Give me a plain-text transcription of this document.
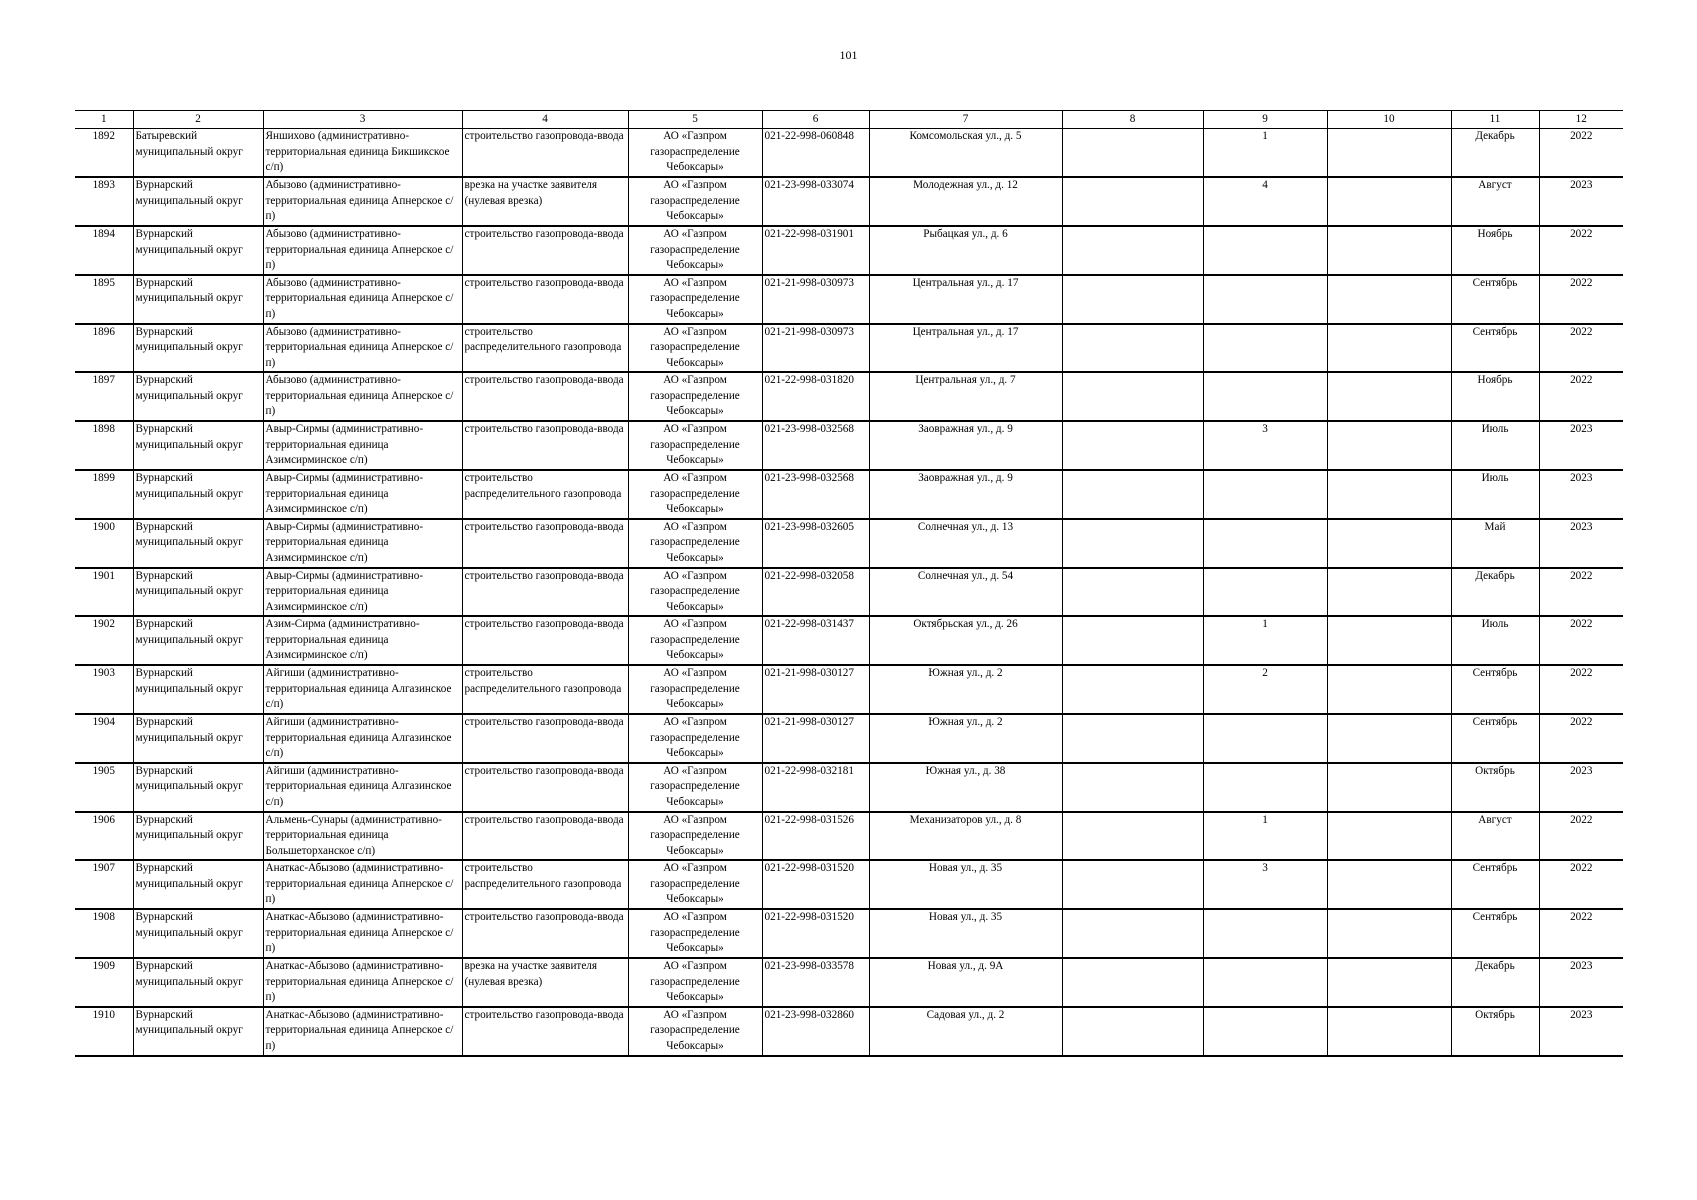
101
1	2	3	4	5	6	7	8	9	10	11	12
1892	Батыревский муниципальный округ	Яншихово (административно-территориальная единица Бикшикское с/п)	строительство газопровода-ввода	АО «Газпром газораспределение Чебоксары»	021-22-998-060848	Комсомольская ул., д. 5		1		Декабрь	2022
1893	Вурнарский муниципальный округ	Абызово (административно-территориальная единица Апнерское с/п)	врезка на участке заявителя (нулевая врезка)	АО «Газпром газораспределение Чебоксары»	021-23-998-033074	Молодежная ул., д. 12		4		Август	2023
1894	Вурнарский муниципальный округ	Абызово (административно-территориальная единица Апнерское с/п)	строительство газопровода-ввода	АО «Газпром газораспределение Чебоксары»	021-22-998-031901	Рыбацкая ул., д. 6				Ноябрь	2022
1895	Вурнарский муниципальный округ	Абызово (административно-территориальная единица Апнерское с/п)	строительство газопровода-ввода	АО «Газпром газораспределение Чебоксары»	021-21-998-030973	Центральная ул., д. 17				Сентябрь	2022
1896	Вурнарский муниципальный округ	Абызово (административно-территориальная единица Апнерское с/п)	строительство распределительного газопровода	АО «Газпром газораспределение Чебоксары»	021-21-998-030973	Центральная ул., д. 17				Сентябрь	2022
1897	Вурнарский муниципальный округ	Абызово (административно-территориальная единица Апнерское с/п)	строительство газопровода-ввода	АО «Газпром газораспределение Чебоксары»	021-22-998-031820	Центральная ул., д. 7				Ноябрь	2022
1898	Вурнарский муниципальный округ	Авыр-Сирмы (административно-территориальная единица Азимсирминское с/п)	строительство газопровода-ввода	АО «Газпром газораспределение Чебоксары»	021-23-998-032568	Заовражная ул., д. 9		3		Июль	2023
1899	Вурнарский муниципальный округ	Авыр-Сирмы (административно-территориальная единица Азимсирминское с/п)	строительство распределительного газопровода	АО «Газпром газораспределение Чебоксары»	021-23-998-032568	Заовражная ул., д. 9				Июль	2023
1900	Вурнарский муниципальный округ	Авыр-Сирмы (административно-территориальная единица Азимсирминское с/п)	строительство газопровода-ввода	АО «Газпром газораспределение Чебоксары»	021-23-998-032605	Солнечная ул., д. 13				Май	2023
1901	Вурнарский муниципальный округ	Авыр-Сирмы (административно-территориальная единица Азимсирминское с/п)	строительство газопровода-ввода	АО «Газпром газораспределение Чебоксары»	021-22-998-032058	Солнечная ул., д. 54				Декабрь	2022
1902	Вурнарский муниципальный округ	Азим-Сирма (административно-территориальная единица Азимсирминское с/п)	строительство газопровода-ввода	АО «Газпром газораспределение Чебоксары»	021-22-998-031437	Октябрьская ул., д. 26		1		Июль	2022
1903	Вурнарский муниципальный округ	Айгиши (административно-территориальная единица Алгазинское с/п)	строительство распределительного газопровода	АО «Газпром газораспределение Чебоксары»	021-21-998-030127	Южная ул., д. 2		2		Сентябрь	2022
1904	Вурнарский муниципальный округ	Айгиши (административно-территориальная единица Алгазинское с/п)	строительство газопровода-ввода	АО «Газпром газораспределение Чебоксары»	021-21-998-030127	Южная ул., д. 2				Сентябрь	2022
1905	Вурнарский муниципальный округ	Айгиши (административно-территориальная единица Алгазинское с/п)	строительство газопровода-ввода	АО «Газпром газораспределение Чебоксары»	021-22-998-032181	Южная ул., д. 38				Октябрь	2023
1906	Вурнарский муниципальный округ	Альмень-Сунары (административно-территориальная единица Большеторханское с/п)	строительство газопровода-ввода	АО «Газпром газораспределение Чебоксары»	021-22-998-031526	Механизаторов ул., д. 8		1		Август	2022
1907	Вурнарский муниципальный округ	Анаткас-Абызово (административно-территориальная единица Апнерское с/п)	строительство распределительного газопровода	АО «Газпром газораспределение Чебоксары»	021-22-998-031520	Новая ул., д. 35		3		Сентябрь	2022
1908	Вурнарский муниципальный округ	Анаткас-Абызово (административно-территориальная единица Апнерское с/п)	строительство газопровода-ввода	АО «Газпром газораспределение Чебоксары»	021-22-998-031520	Новая ул., д. 35				Сентябрь	2022
1909	Вурнарский муниципальный округ	Анаткас-Абызово (административно-территориальная единица Апнерское с/п)	врезка на участке заявителя (нулевая врезка)	АО «Газпром газораспределение Чебоксары»	021-23-998-033578	Новая ул., д. 9А				Декабрь	2023
1910	Вурнарский муниципальный округ	Анаткас-Абызово (административно-территориальная единица Апнерское с/п)	строительство газопровода-ввода	АО «Газпром газораспределение Чебоксары»	021-23-998-032860	Садовая ул., д. 2				Октябрь	2023
